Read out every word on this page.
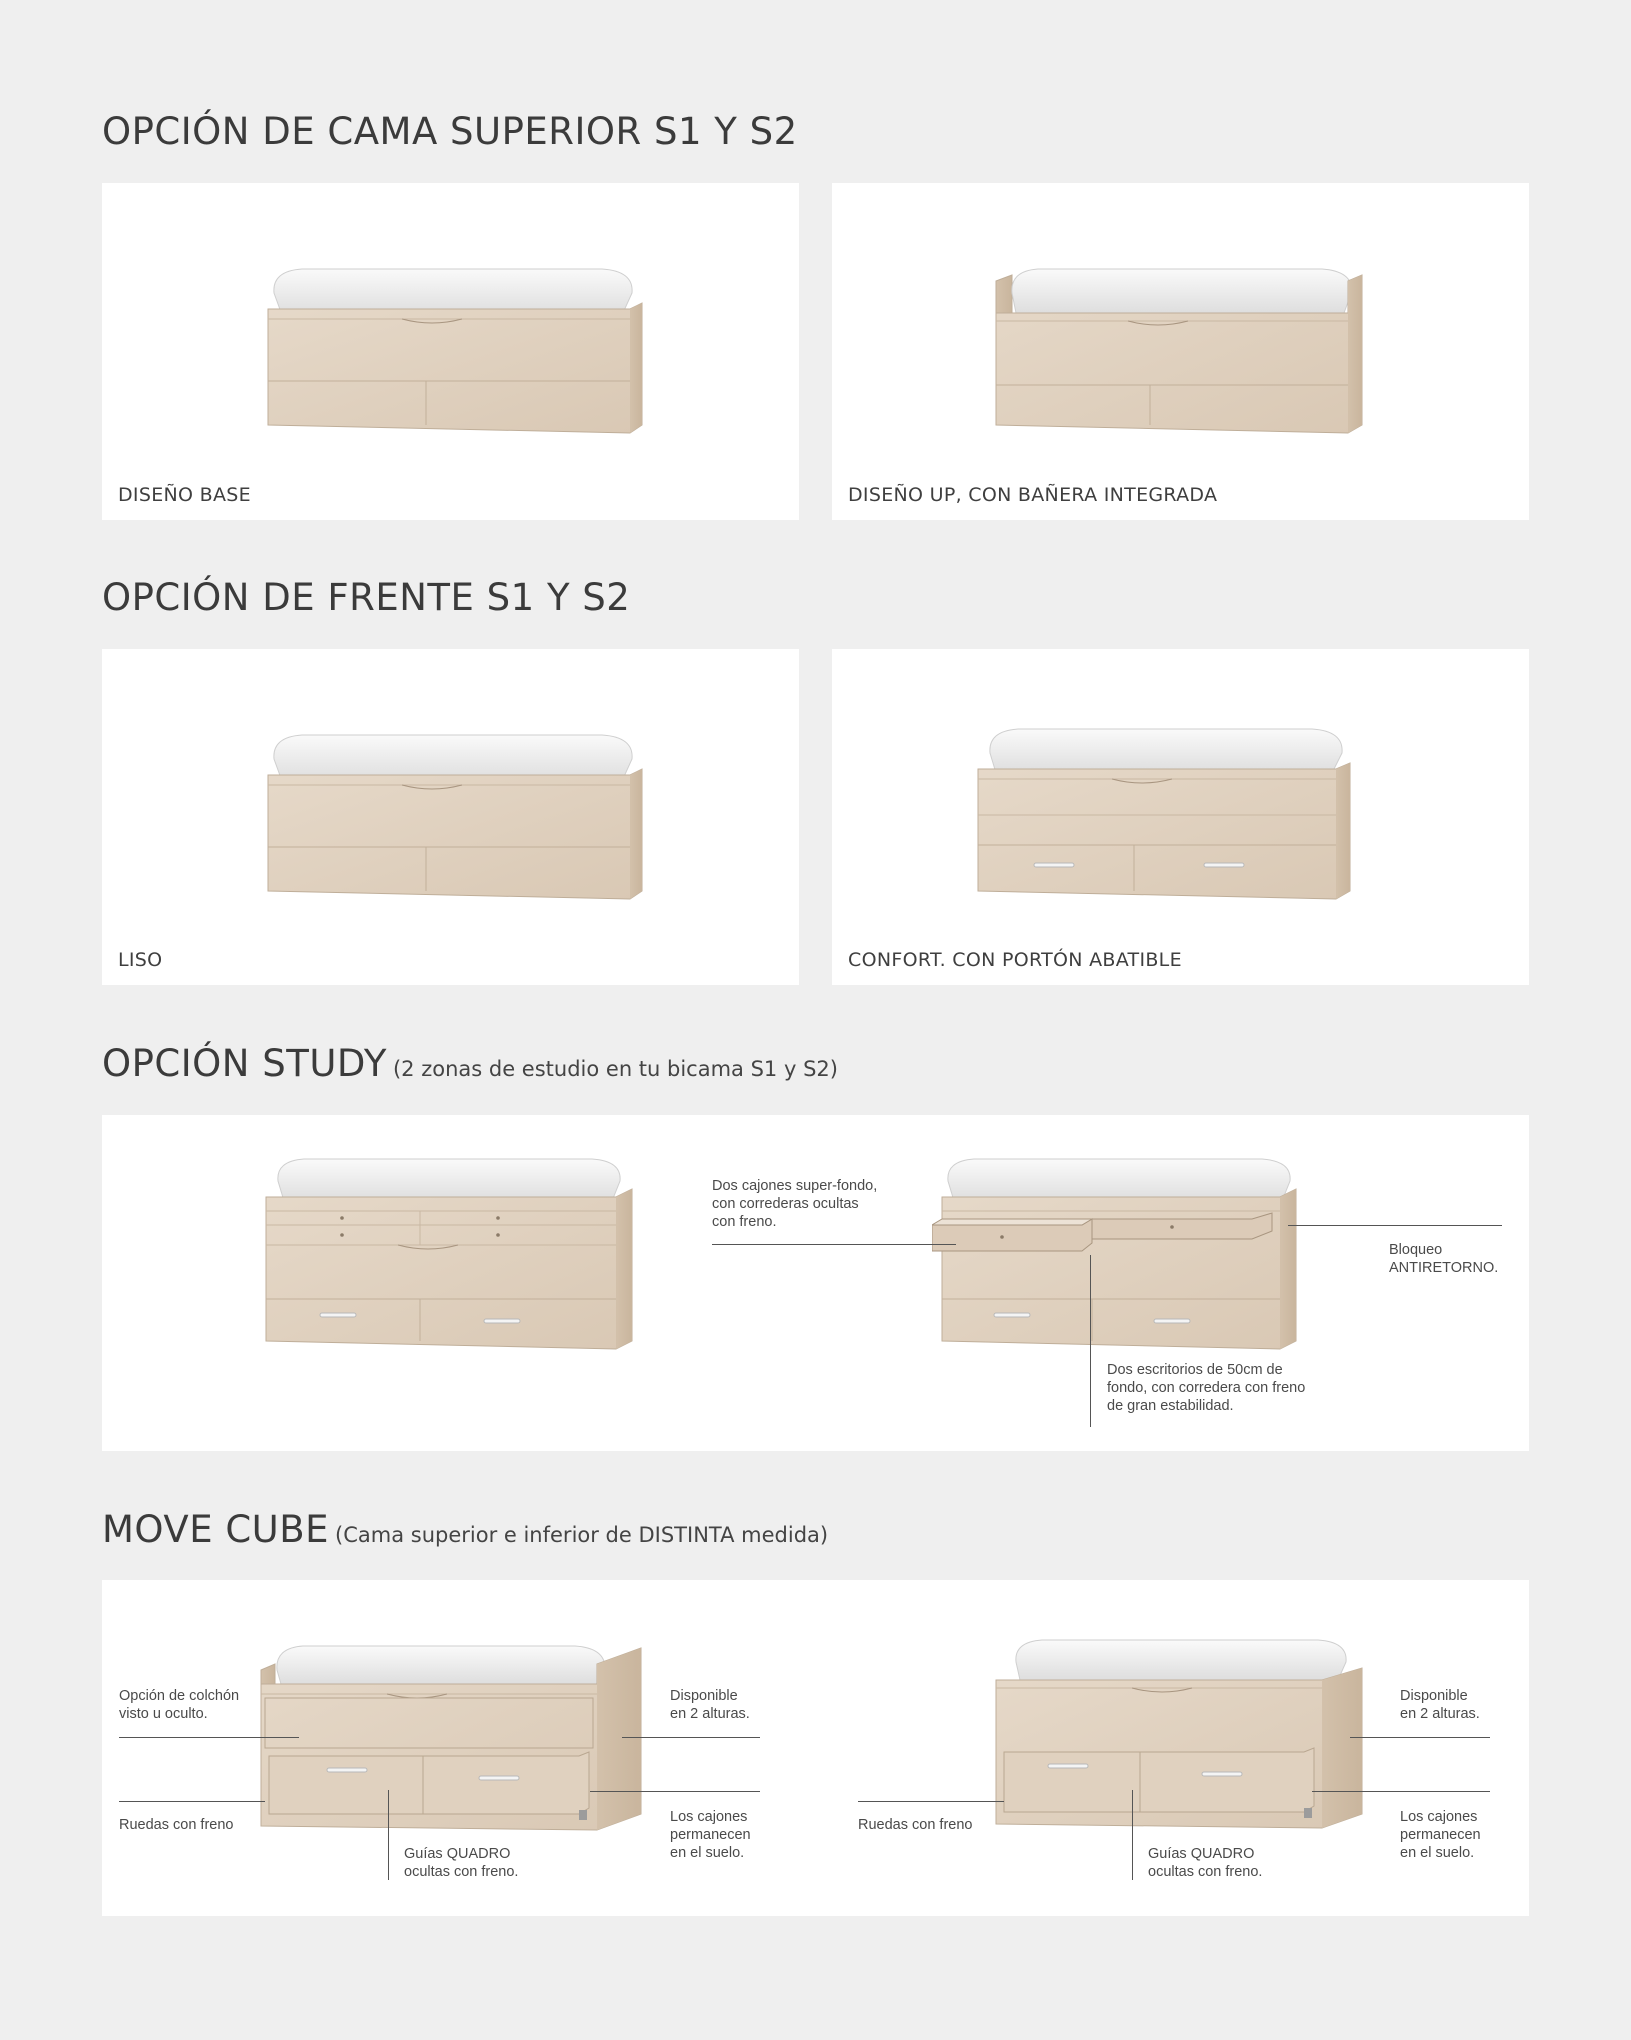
OPCIÓN DE CAMA SUPERIOR S1 Y S2
DISEÑO BASE	DISEÑO UP, CON BAÑERA INTEGRADA
OPCIÓN DE FRENTE S1 Y S2
LISO	CONFORT. CON PORTÓN ABATIBLE
OPCIÓN STUDY (2 zonas de estudio en tu bicama S1 y S2)
Dos cajones super-fondo,
con correderas ocultas
con freno.
Bloqueo
ANTIRETORNO.
Dos escritorios de 50cm de
fondo, con corredera con freno
de gran estabilidad.
MOVE CUBE (Cama superior e inferior de DISTINTA medida)
Opción de colchón
visto u oculto.
Ruedas con freno
Guías QUADRO
ocultas con freno.
Disponible
en 2 alturas.
Los cajones
permanecen
en el suelo.
Ruedas con freno
Guías QUADRO
ocultas con freno.
Disponible
en 2 alturas.
Los cajones
permanecen
en el suelo.
